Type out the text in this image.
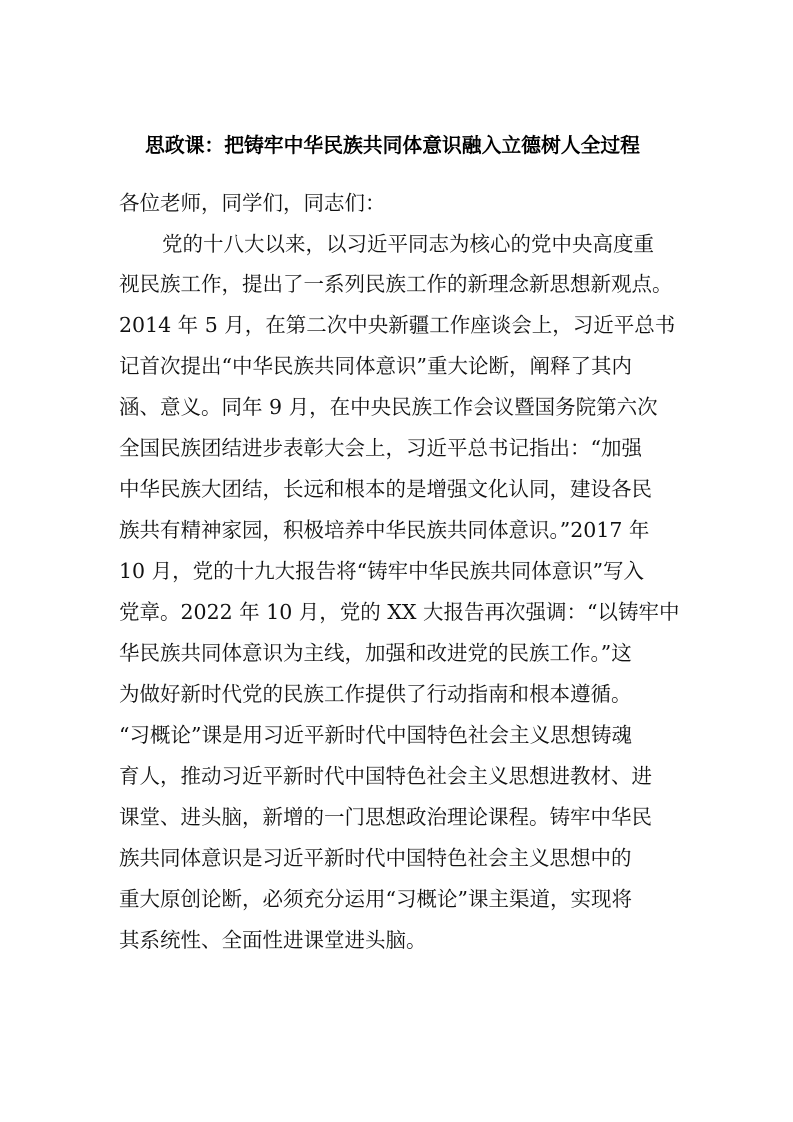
思政课：把铸牢中华民族共同体意识融入立德树人全过程
各位老师，同学们，同志们：
党的十八大以来，以习近平同志为核心的党中央高度重
视民族工作，提出了一系列民族工作的新理念新思想新观点。
2014 年 5 月，在第二次中央新疆工作座谈会上，习近平总书
记首次提出“中华民族共同体意识”重大论断，阐释了其内
涵、意义。同年 9 月，在中央民族工作会议暨国务院第六次
全国民族团结进步表彰大会上，习近平总书记指出：“加强
中华民族大团结，长远和根本的是增强文化认同，建设各民
族共有精神家园，积极培养中华民族共同体意识。”2017 年
10 月，党的十九大报告将“铸牢中华民族共同体意识”写入
党章。2022 年 10 月，党的 XX 大报告再次强调：“以铸牢中
华民族共同体意识为主线，加强和改进党的民族工作。”这
为做好新时代党的民族工作提供了行动指南和根本遵循。
“习概论”课是用习近平新时代中国特色社会主义思想铸魂
育人，推动习近平新时代中国特色社会主义思想进教材、进
课堂、进头脑，新增的一门思想政治理论课程。铸牢中华民
族共同体意识是习近平新时代中国特色社会主义思想中的
重大原创论断，必须充分运用“习概论”课主渠道，实现将
其系统性、全面性进课堂进头脑。
